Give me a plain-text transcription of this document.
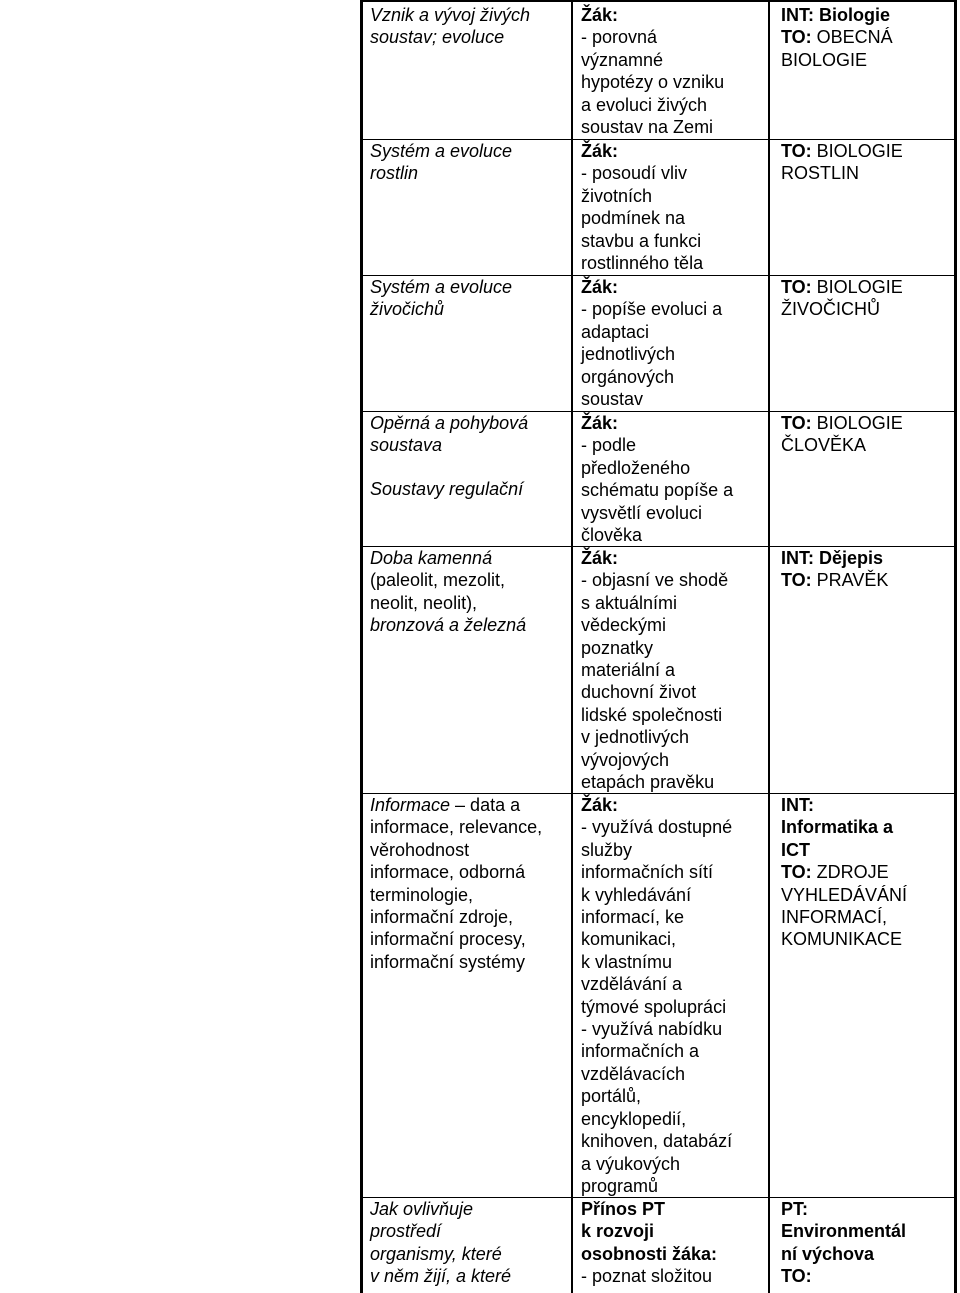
Vznik a vývoj živých
soustav; evoluce
Žák:
- porovná
významné
hypotézy o vzniku
a evoluci živých
soustav na Zemi
INT: Biologie
TO: OBECNÁ
BIOLOGIE
Systém a evoluce
rostlin
Žák:
- posoudí vliv
životních
podmínek na
stavbu a funkci
rostlinného těla
TO: BIOLOGIE
ROSTLIN
Systém a evoluce
živočichů
Žák:
- popíše evoluci a
adaptaci
jednotlivých
orgánových
soustav
TO: BIOLOGIE
ŽIVOČICHŮ
Opěrná a pohybová
soustava
Soustavy regulační
Žák:
- podle
předloženého
schématu popíše a
vysvětlí evoluci
člověka
TO: BIOLOGIE
ČLOVĚKA
Doba kamenná
(paleolit, mezolit,
neolit, neolit),
bronzová a železná
Žák:
- objasní ve shodě
s aktuálními
vědeckými
poznatky
materiální a
duchovní život
lidské společnosti
v jednotlivých
vývojových
etapách pravěku
INT: Dějepis
TO: PRAVĚK
Informace – data a
informace, relevance,
věrohodnost
informace, odborná
terminologie,
informační zdroje,
informační procesy,
informační systémy
Žák:
- využívá dostupné
služby
informačních sítí
k vyhledávání
informací, ke
komunikaci,
k vlastnímu
vzdělávání a
týmové spolupráci
- využívá nabídku
informačních a
vzdělávacích
portálů,
encyklopedií,
knihoven, databází
a výukových
programů
INT:
Informatika a
ICT
TO: ZDROJE
VYHLEDÁVÁNÍ
INFORMACÍ,
KOMUNIKACE
Jak ovlivňuje
prostředí
organismy, které
v něm žijí, a které
Přínos PT
k rozvoji
osobnosti žáka:
- poznat složitou
PT:
Environmentál
ní výchova
TO:
